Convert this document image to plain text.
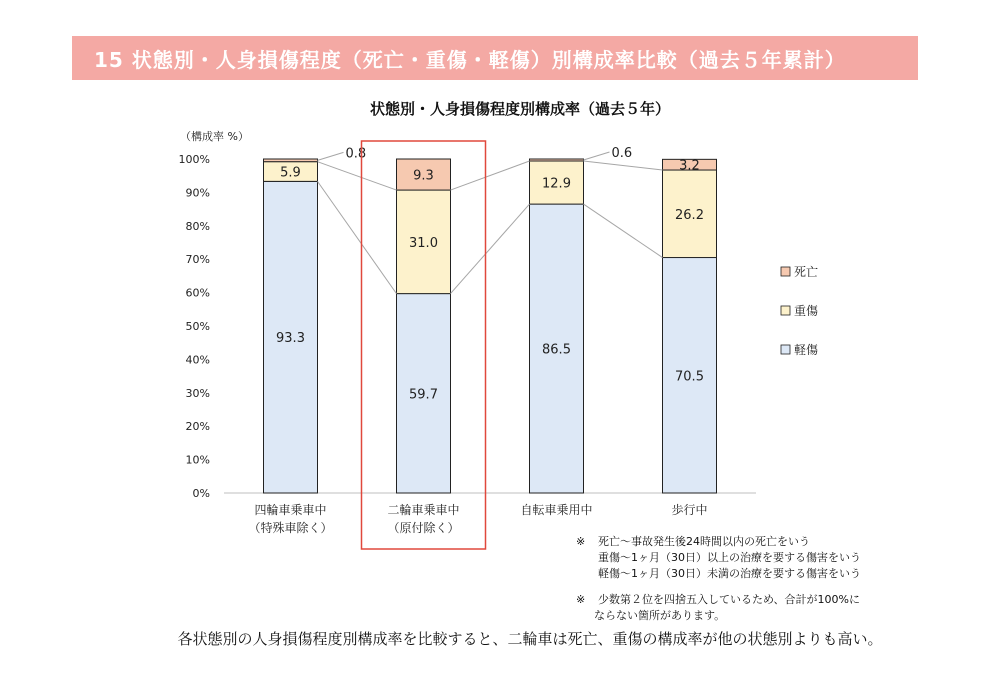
15 状態別・人身損傷程度（死亡・重傷・軽傷）別構成率比較（過去５年累計）
状態別・人身損傷程度別構成率（過去５年）
（構成率 %）
0%
10%
20%
30%
40%
50%
60%
70%
80%
90%
100%
93.3
5.9
0.8
59.7
31.0
9.3
86.5
12.9
0.6
70.5
26.2
3.2
四輪車乗車中
（特殊車除く）
二輪車乗車中
（原付除く）
自転車乗用中	歩行中
死亡
重傷
軽傷
※ 死亡～事故発生後24時間以内の死亡をいう
重傷～1ヶ月（30日）以上の治療を要する傷害をいう
軽傷～1ヶ月（30日）未満の治療を要する傷害をいう
※ 少数第２位を四捨五入しているため、合計が100%に
ならない箇所があります。
各状態別の人身損傷程度別構成率を比較すると、二輪車は死亡、重傷の構成率が他の状態別よりも高い。
